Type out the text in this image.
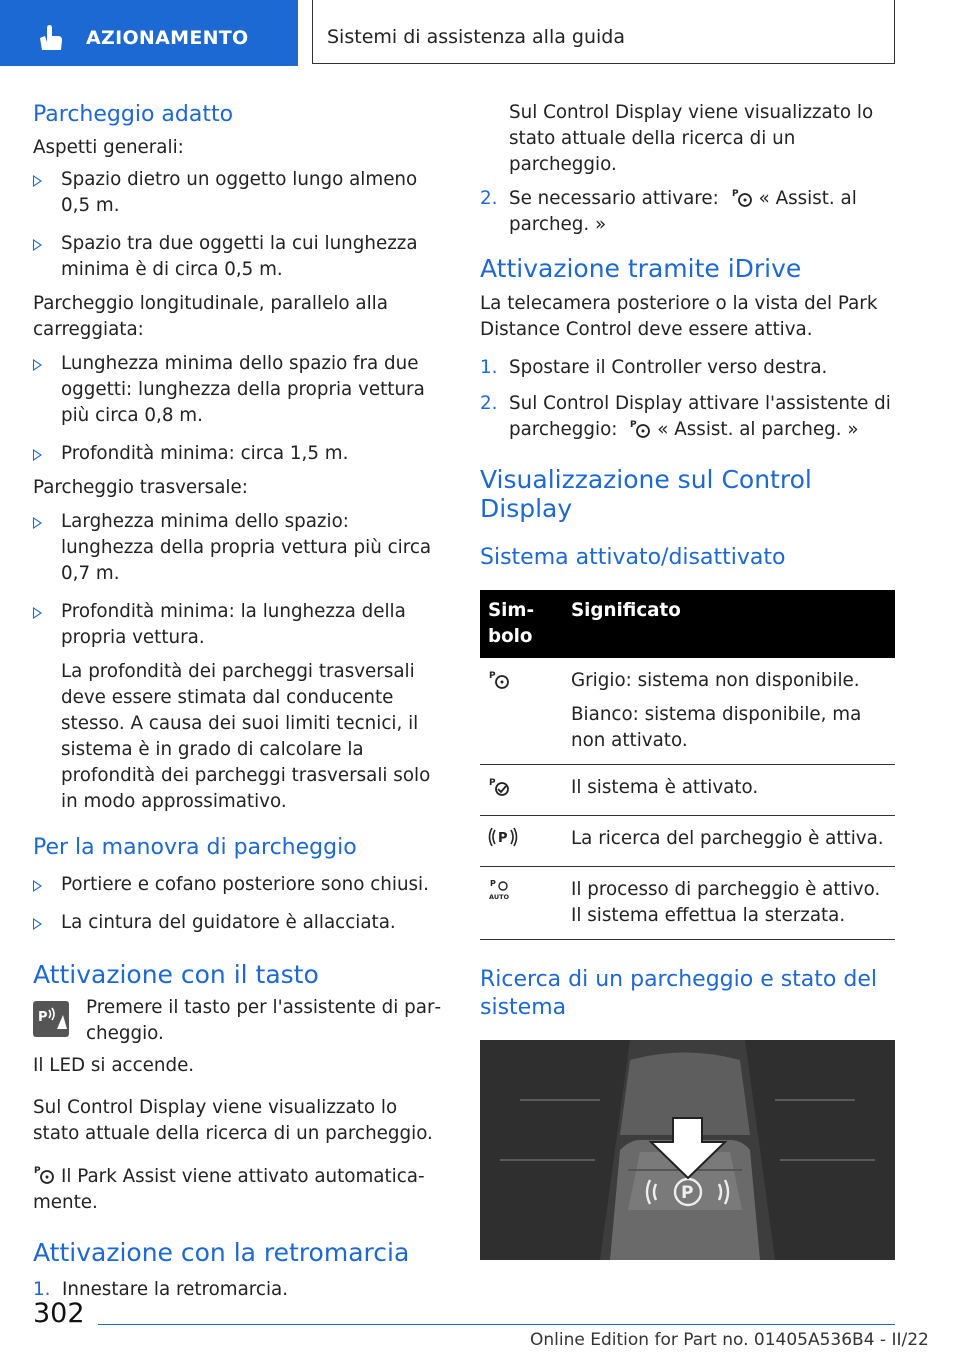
AZIONAMENTO	Sistemi di assistenza alla guida
Parcheggio adatto

Aspetti generali:

Spazio dietro un oggetto lungo almeno 0,5 m.
Spazio tra due oggetti la cui lunghezza minima è di circa 0,5 m.

Parcheggio longitudinale, parallelo alla carreggiata:

Lunghezza minima dello spazio fra due oggetti: lunghezza della propria vettura più circa 0,8 m.
Profondità minima: circa 1,5 m.

Parcheggio trasversale:

Larghezza minima dello spazio: lunghezza della propria vettura più circa 0,7 m.
Profondità minima: la lunghezza della propria vettura.

La profondità dei parcheggi trasversali deve essere stimata dal conducente stesso. A causa dei suoi limiti tecnici, il sistema è in grado di calcolare la profondità dei parcheggi trasversali solo in modo approssimativo.

Per la manovra di parcheggio
Portiere e cofano posteriore sono chiusi.
La cintura del guidatore è allacciata.
Attivazione con il tasto
P Premere il tasto per l'assistente di parcheggio.

Il LED si accende.

Sul Control Display viene visualizzato lo stato attuale della ricerca di un parcheggio.

P Il Park Assist viene attivato automaticamente.

Attivazione con la retromarcia
1. Innestare la retromarcia.

Sul Control Display viene visualizzato lo stato attuale della ricerca di un parcheggio.

2. Se necessario attivare: P « Assist. al parcheg. »
Attivazione tramite iDrive

La telecamera posteriore o la vista del Park Distance Control deve essere attiva.

1. Spostare il Controller verso destra.
2. Sul Control Display attivare l'assistente di parcheggio: P « Assist. al parcheg. »
Visualizzazione sul Control Display
Sistema attivato/disattivato
Simbolo	Significato

P	Grigio: sistema non disponibile.
Bianco: sistema disponibile, ma non attivato.

P	Il sistema è attivato.

P	La ricerca del parcheggio è attiva.

P
AUTO	Il processo di parcheggio è attivo. Il sistema effettua la sterzata.
Ricerca di un parcheggio e stato del sistema
P
302
Online Edition for Part no. 01405A536B4 - II/22
